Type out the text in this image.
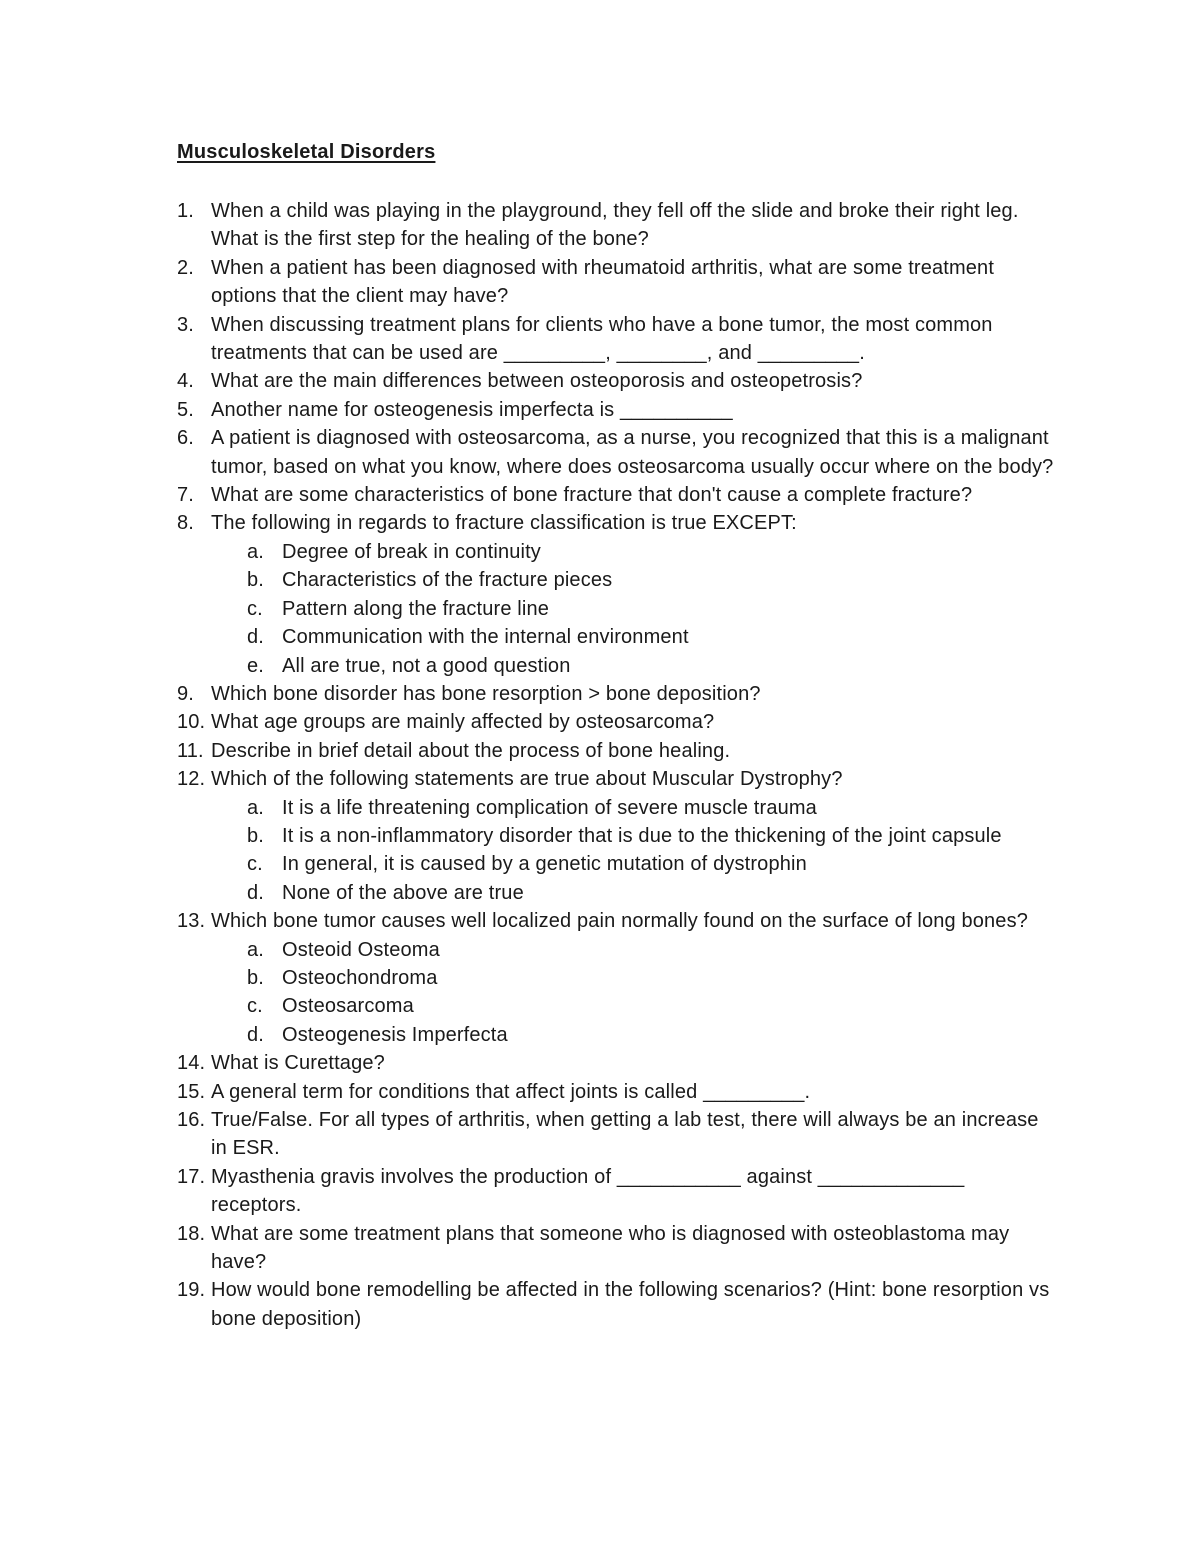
Musculoskeletal Disorders
1. When a child was playing in the playground, they fell off the slide and broke their right leg. What is the first step for the healing of the bone?
2. When a patient has been diagnosed with rheumatoid arthritis, what are some treatment options that the client may have?
3. When discussing treatment plans for clients who have a bone tumor, the most common treatments that can be used are _________, ________, and _________.
4. What are the main differences between osteoporosis and osteopetrosis?
5. Another name for osteogenesis imperfecta is __________
6. A patient is diagnosed with osteosarcoma, as a nurse, you recognized that this is a malignant tumor, based on what you know, where does osteosarcoma usually occur where on the body?
7. What are some characteristics of bone fracture that don't cause a complete fracture?
8. The following in regards to fracture classification is true EXCEPT:
a. Degree of break in continuity
b. Characteristics of the fracture pieces
c. Pattern along the fracture line
d. Communication with the internal environment
e. All are true, not a good question
9. Which bone disorder has bone resorption > bone deposition?
10. What age groups are mainly affected by osteosarcoma?
11. Describe in brief detail about the process of bone healing.
12. Which of the following statements are true about Muscular Dystrophy?
a. It is a life threatening complication of severe muscle trauma
b. It is a non-inflammatory disorder that is due to the thickening of the joint capsule
c. In general, it is caused by a genetic mutation of dystrophin
d. None of the above are true
13. Which bone tumor causes well localized pain normally found on the surface of long bones?
a. Osteoid Osteoma
b. Osteochondroma
c. Osteosarcoma
d. Osteogenesis Imperfecta
14. What is Curettage?
15. A general term for conditions that affect joints is called _________.
16. True/False. For all types of arthritis, when getting a lab test, there will always be an increase in ESR.
17. Myasthenia gravis involves the production of ___________ against _____________ receptors.
18. What are some treatment plans that someone who is diagnosed with osteoblastoma may have?
19. How would bone remodelling be affected in the following scenarios? (Hint: bone resorption vs bone deposition)
